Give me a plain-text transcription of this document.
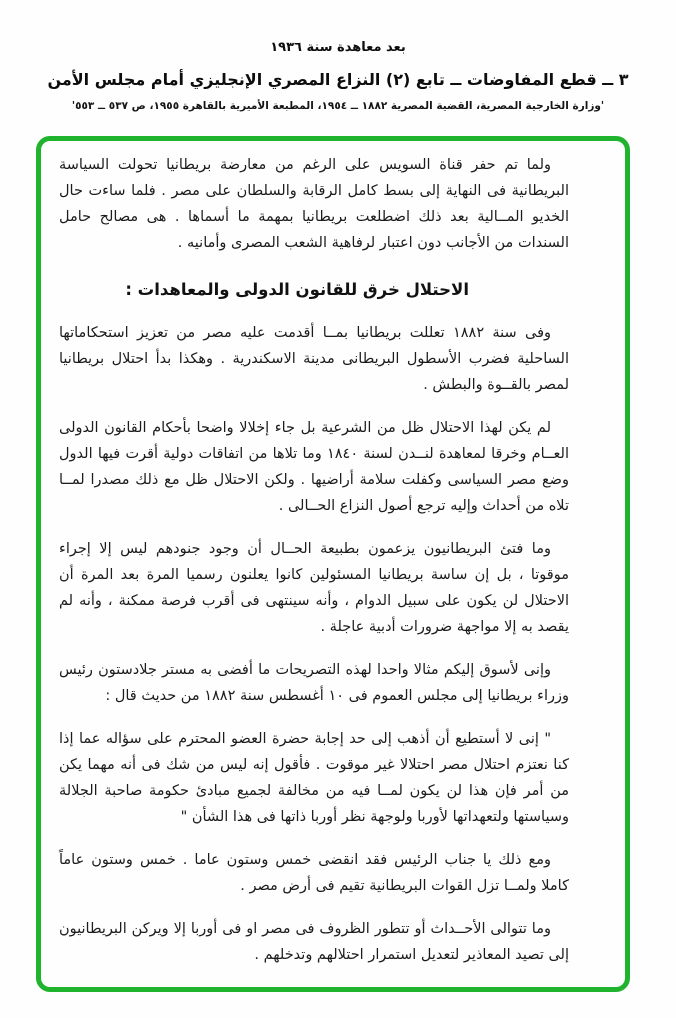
بعد معاهدة سنة ١٩٣٦
٣ ــ قطع المفاوضات ــ تابع (٢) النزاع المصري الإنجليزي أمام مجلس الأمن
'وزارة الخارجية المصرية، القضية المصرية ١٨٨٢ ــ ١٩٥٤، المطبعة الأميرية بالقاهرة ١٩٥٥، ص ٥٣٧ ــ ٥٥٣'

ولما تم حفر قناة السويس على الرغم من معارضة بريطانيا تحولت السياسة البريطانية فى النهاية إلى بسط كامل الرقابة والسلطان على مصر . فلما ساءت حال الخديو المــالية بعد ذلك اضطلعت بريطانيا بمهمة ما أسماها . هى مصالح حامل السندات من الأجانب دون اعتبار لرفاهية الشعب المصرى وأمانيه .

الاحتلال خرق للقانون الدولى والمعاهدات :

وفى سنة ١٨٨٢ تعللت بريطانيا بمــا أقدمت عليه مصر من تعزيز استحكاماتها الساحلية فضرب الأسطول البريطانى مدينة الاسكندرية . وهكذا بدأ احتلال بريطانيا لمصر بالقــوة والبطش .

لم يكن لهذا الاحتلال ظل من الشرعية بل جاء إخلالا واضحا بأحكام القانون الدولى العــام وخرقا لمعاهدة لنــدن لسنة ١٨٤٠ وما تلاها من اتفاقات دولية أقرت فيها الدول وضع مصر السياسى وكفلت سلامة أراضيها . ولكن الاحتلال ظل مع ذلك مصدرا لمــا تلاه من أحداث وإليه ترجع أصول النزاع الحــالى .

وما فتئ البريطانيون يزعمون بطبيعة الحــال أن وجود جنودهم ليس إلا إجراء موقوتا ، بل إن ساسة بريطانيا المسئولين كانوا يعلنون رسميا المرة بعد المرة أن الاحتلال لن يكون على سبيل الدوام ، وأنه سينتهى فى أقرب فرصة ممكنة ، وأنه لم يقصد به إلا مواجهة ضرورات أدبية عاجلة .

وإنى لأسوق إليكم مثالا واحدا لهذه التصريحات ما أفضى به مستر جلادستون رئيس وزراء بريطانيا إلى مجلس العموم فى ١٠ أغسطس سنة ١٨٨٢ من حديث قال :

" إنى لا أستطيع أن أذهب إلى حد إجابة حضرة العضو المحترم على سؤاله عما إذا كنا نعتزم احتلال مصر احتلالا غير موقوت . فأقول إنه ليس من شك فى أنه مهما يكن من أمر فإن هذا لن يكون لمــا فيه من مخالفة لجميع مبادئ حكومة صاحبة الجلالة وسياستها ولتعهداتها لأوربا ولوجهة نظر أوربا ذاتها فى هذا الشأن "

ومع ذلك يا جناب الرئيس فقد انقضى خمس وستون عاما . خمس وستون عاماً كاملا ولمــا تزل القوات البريطانية تقيم فى أرض مصر .

وما تتوالى الأحــداث أو تتطور الظروف فى مصر او فى أوربا إلا ويركن البريطانيون إلى تصيد المعاذير لتعديل استمرار احتلالهم وتدخلهم .
